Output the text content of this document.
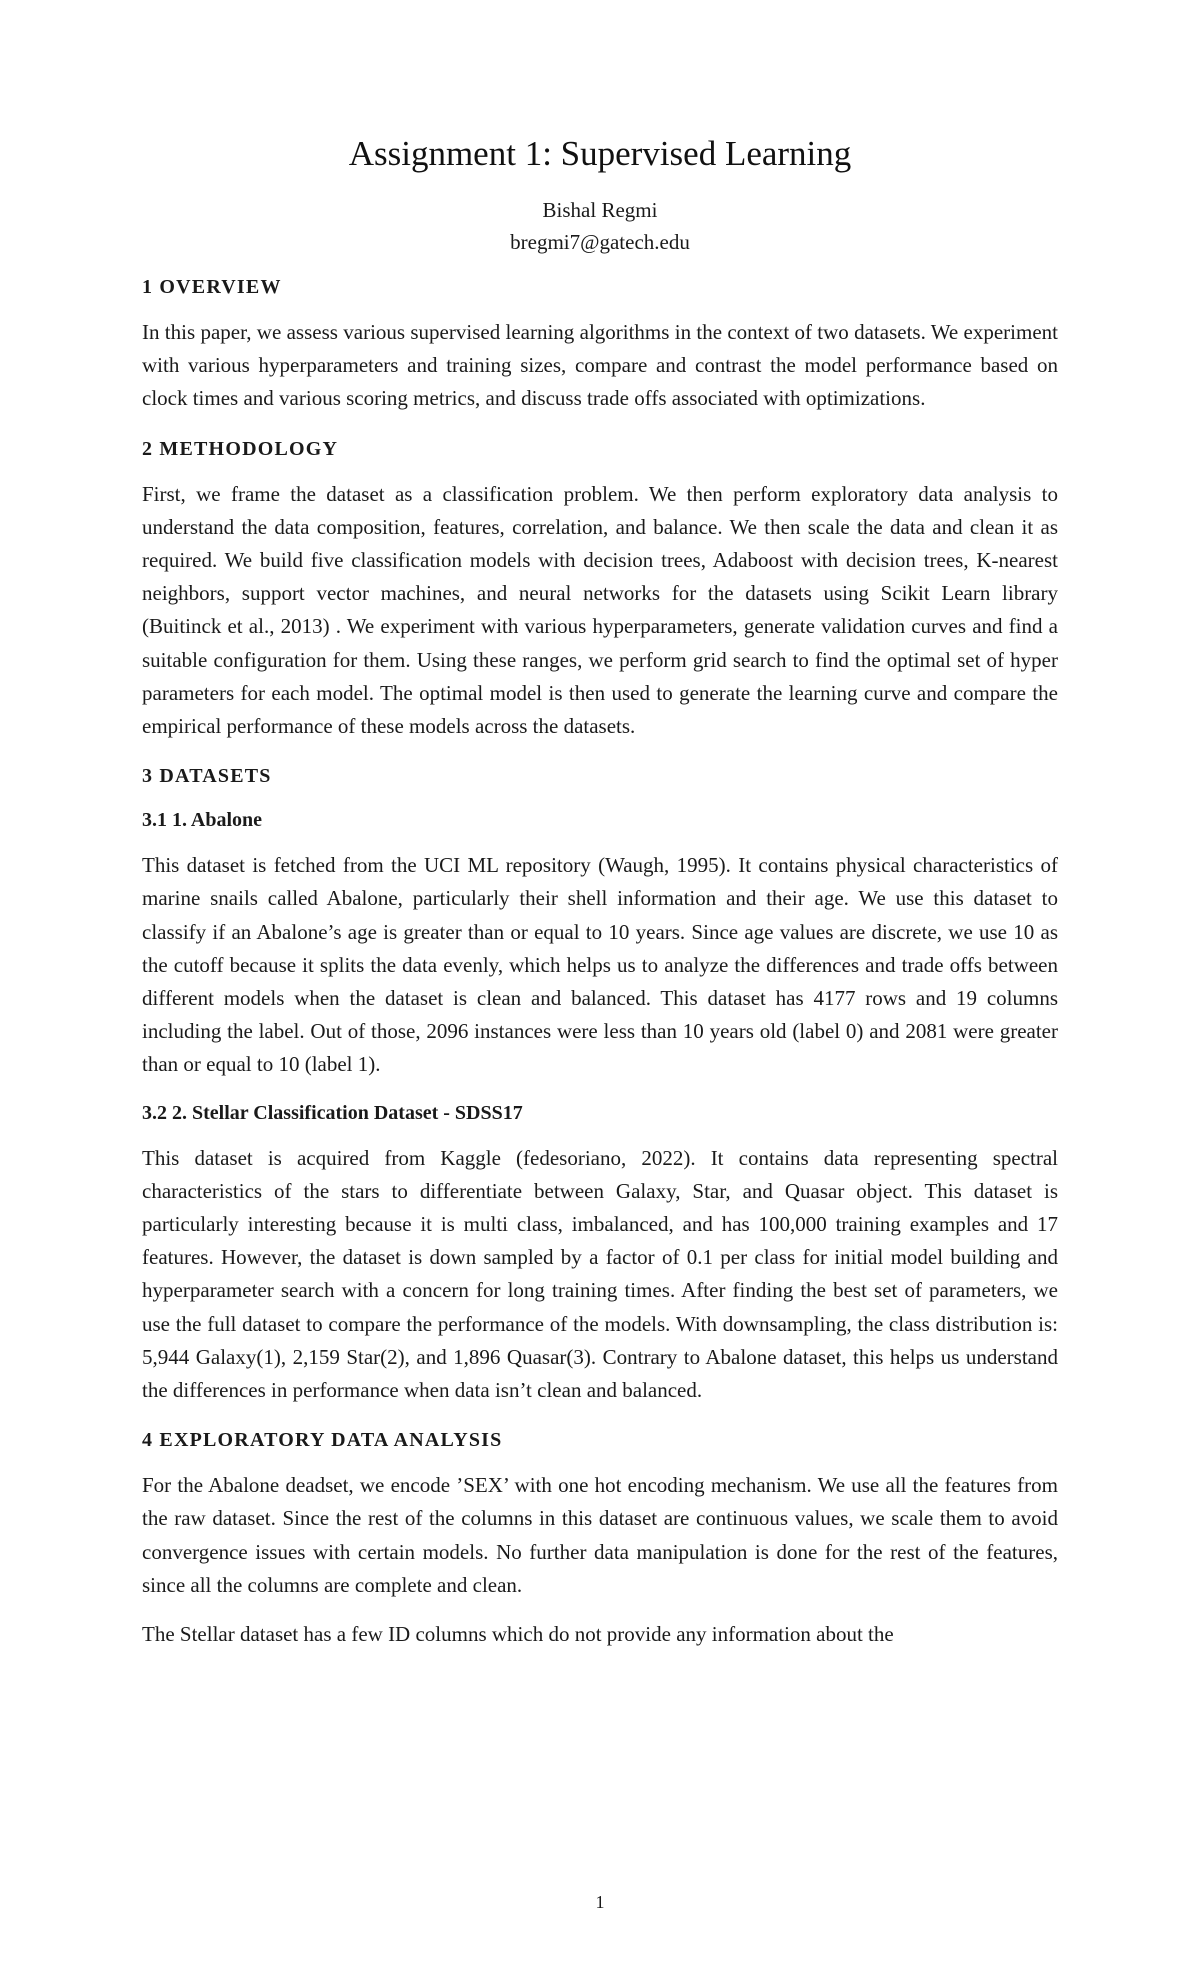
Assignment 1: Supervised Learning
Bishal Regmi
bregmi7@gatech.edu
1 OVERVIEW

In this paper, we assess various supervised learning algorithms in the context of two datasets. We experiment with various hyperparameters and training sizes, compare and contrast the model performance based on clock times and various scoring metrics, and discuss trade offs associated with optimizations.

2 METHODOLOGY

First, we frame the dataset as a classification problem. We then perform exploratory data analysis to understand the data composition, features, correlation, and balance. We then scale the data and clean it as required. We build five classification models with decision trees, Adaboost with decision trees, K-nearest neighbors, support vector machines, and neural networks for the datasets using Scikit Learn library (Buitinck et al., 2013) . We experiment with various hyperparameters, generate validation curves and find a suitable configuration for them. Using these ranges, we perform grid search to find the optimal set of hyper parameters for each model. The optimal model is then used to generate the learning curve and compare the empirical performance of these models across the datasets.

3 DATASETS
3.1 1. Abalone

This dataset is fetched from the UCI ML repository (Waugh, 1995). It contains physical characteristics of marine snails called Abalone, particularly their shell information and their age. We use this dataset to classify if an Abalone’s age is greater than or equal to 10 years. Since age values are discrete, we use 10 as the cutoff because it splits the data evenly, which helps us to analyze the differences and trade offs between different models when the dataset is clean and balanced. This dataset has 4177 rows and 19 columns including the label. Out of those, 2096 instances were less than 10 years old (label 0) and 2081 were greater than or equal to 10 (label 1).

3.2 2. Stellar Classification Dataset - SDSS17

This dataset is acquired from Kaggle (fedesoriano, 2022). It contains data representing spectral characteristics of the stars to differentiate between Galaxy, Star, and Quasar object. This dataset is particularly interesting because it is multi class, imbalanced, and has 100,000 training examples and 17 features. However, the dataset is down sampled by a factor of 0.1 per class for initial model building and hyperparameter search with a concern for long training times. After finding the best set of parameters, we use the full dataset to compare the performance of the models. With downsampling, the class distribution is: 5,944 Galaxy(1), 2,159 Star(2), and 1,896 Quasar(3). Contrary to Abalone dataset, this helps us understand the differences in performance when data isn’t clean and balanced.

4 EXPLORATORY DATA ANALYSIS

For the Abalone deadset, we encode ’SEX’ with one hot encoding mechanism. We use all the features from the raw dataset. Since the rest of the columns in this dataset are continuous values, we scale them to avoid convergence issues with certain models. No further data manipulation is done for the rest of the features, since all the columns are complete and clean.

The Stellar dataset has a few ID columns which do not provide any information about the

1
